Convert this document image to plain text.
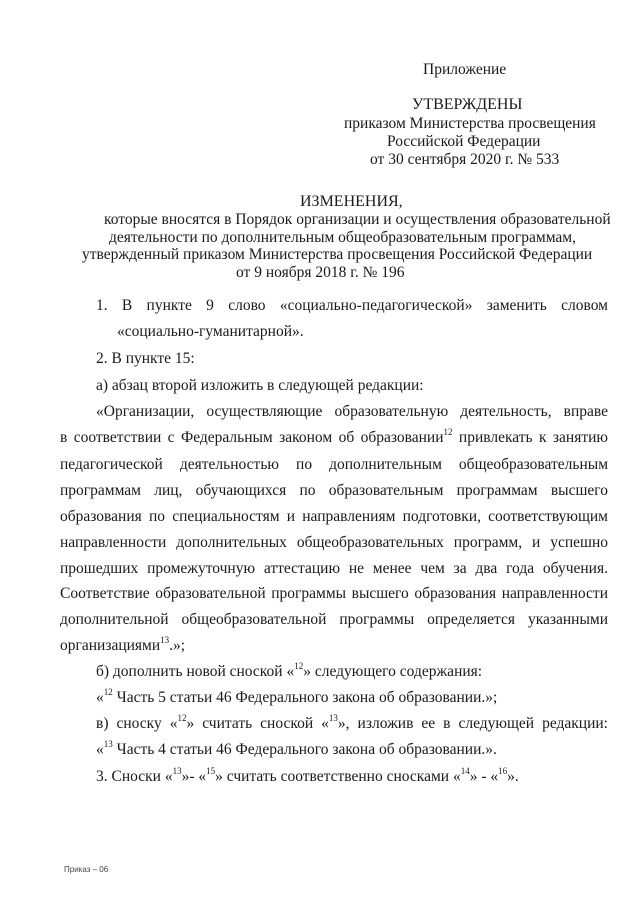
Приложение
УТВЕРЖДЕНЫ
приказом Министерства просвещения
Российской Федерации
от 30 сентября 2020 г. № 533
ИЗМЕНЕНИЯ,
которые вносятся в Порядок организации и осуществления образовательной
деятельности по дополнительным общеобразовательным программам,
утвержденный приказом Министерства просвещения Российской Федерации
от 9 ноября 2018 г. № 196
1. В пункте 9 слово «социально-педагогической» заменить словом
«социально-гуманитарной».
2. В пункте 15:
а) абзац второй изложить в следующей редакции:
«Организации, осуществляющие образовательную деятельность, вправе
в соответствии с Федеральным законом об образовании$^{12}$ привлекать к занятию
педагогической деятельностью по дополнительным общеобразовательным
программам лиц, обучающихся по образовательным программам высшего
образования по специальностям и направлениям подготовки, соответствующим
направленности дополнительных общеобразовательных программ, и успешно
прошедших промежуточную аттестацию не менее чем за два года обучения.
Соответствие образовательной программы высшего образования направленности
дополнительной общеобразовательной программы определяется указанными
организациями$^{13}$.»;
б) дополнить новой сноской «$^{12}$» следующего содержания:
«$^{12}$ Часть 5 статьи 46 Федерального закона об образовании.»;
в) сноску «$^{12}$» считать сноской «$^{13}$», изложив ее в следующей редакции:
«$^{13}$ Часть 4 статьи 46 Федерального закона об образовании.».
3. Сноски «$^{13}$»- «$^{15}$» считать соответственно сносками «$^{14}$» - «$^{16}$».
Приказ – 06
